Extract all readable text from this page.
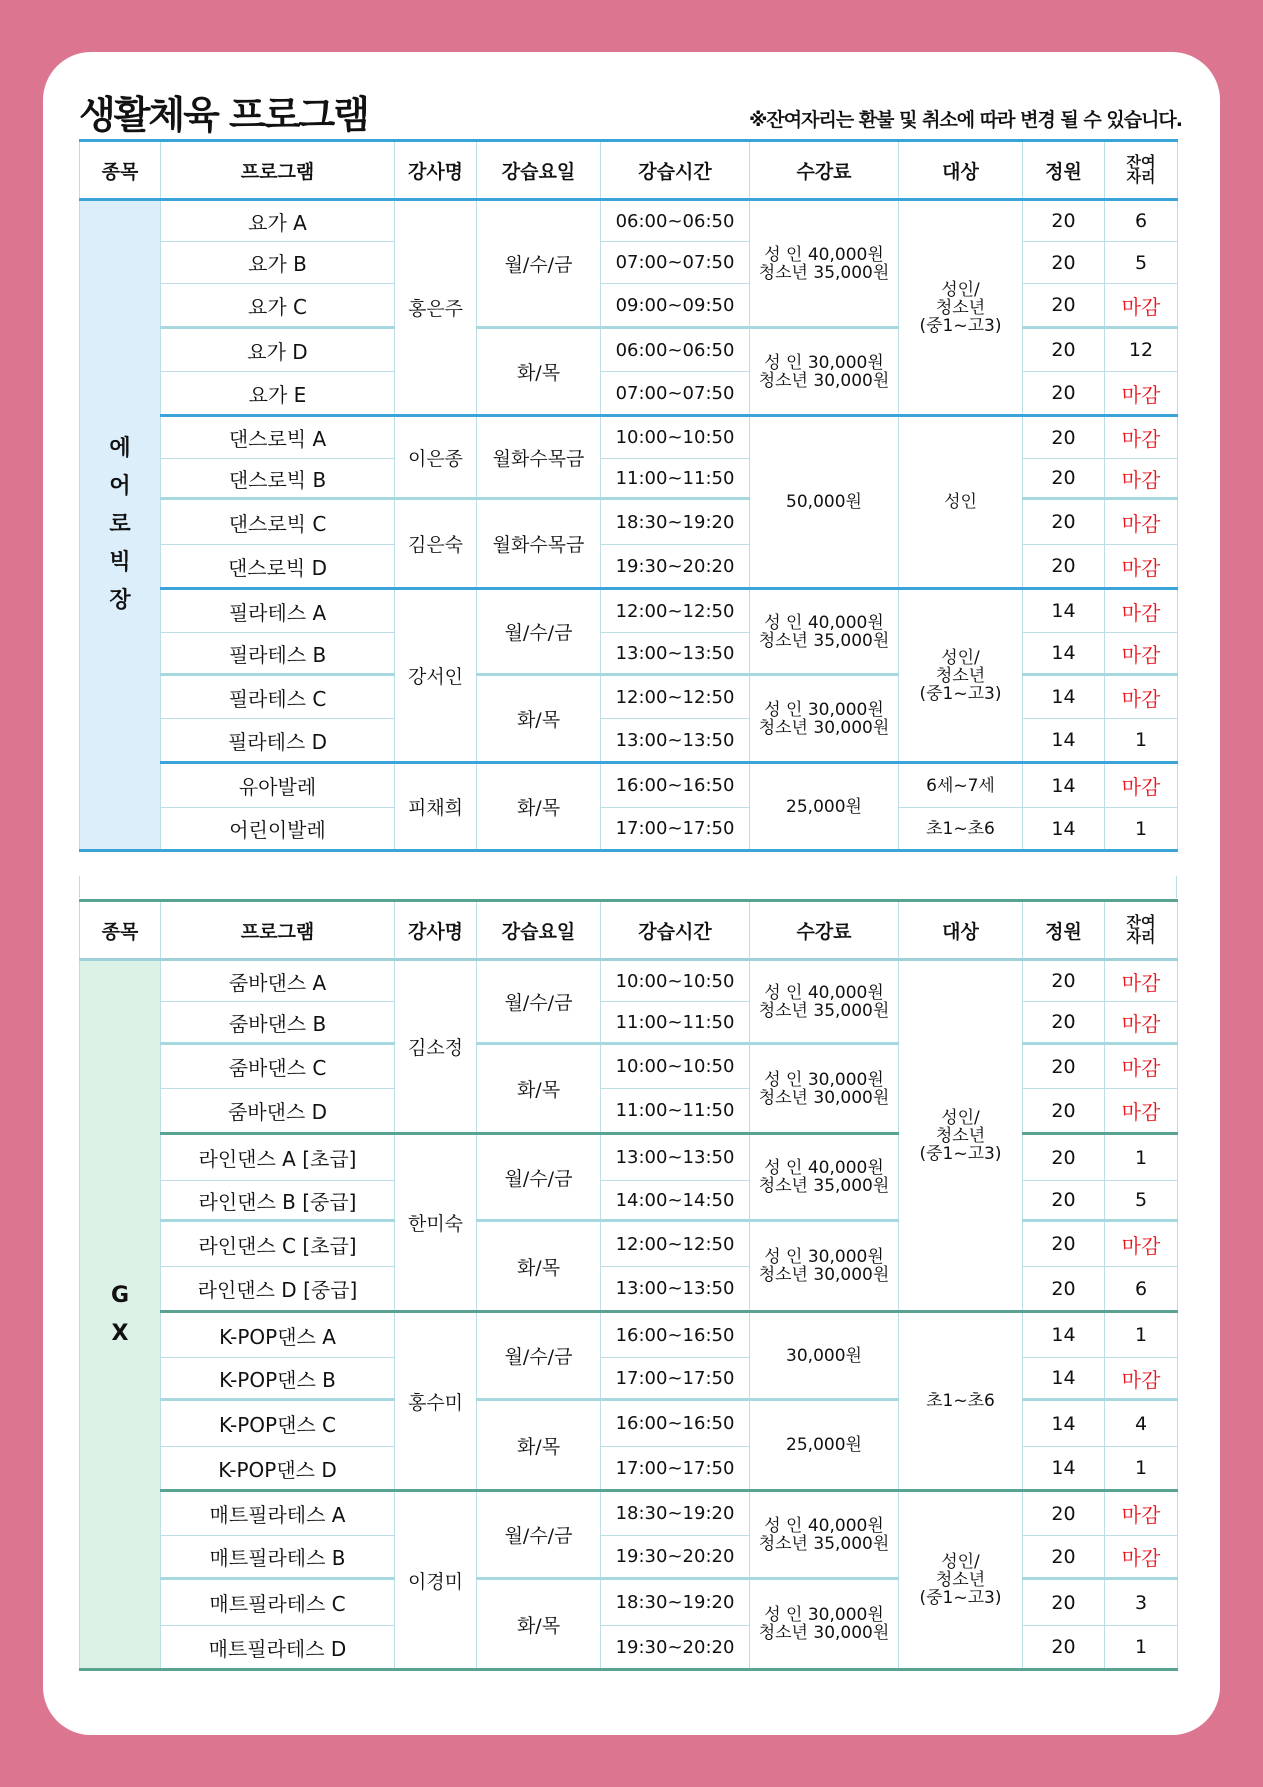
생활체육 프로그램	※잔여자리는 환불 및 취소에 따라 변경 될 수 있습니다.
종목	프로그램	강사명	강습요일	강습시간	수강료	대상	정원	잔여
자리
에
어
로
빅
장	요가 A	홍은주	월/수/금	06:00~06:50	성 인 40,000원
청소년 35,000원	성인/
청소년
(중1~고3)	20	6
	요가 B			07:00~07:50			20	5
	요가 C			09:00~09:50			20	마감
	요가 D		화/목	06:00~06:50	성 인 30,000원
청소년 30,000원		20	12
	요가 E			07:00~07:50			20	마감
	댄스로빅 A	이은종	월화수목금	10:00~10:50	50,000원	성인	20	마감
	댄스로빅 B			11:00~11:50			20	마감
	댄스로빅 C	김은숙	월화수목금	18:30~19:20			20	마감
	댄스로빅 D			19:30~20:20			20	마감
	필라테스 A	강서인	월/수/금	12:00~12:50	성 인 40,000원
청소년 35,000원	성인/
청소년
(중1~고3)	14	마감
	필라테스 B			13:00~13:50			14	마감
	필라테스 C		화/목	12:00~12:50	성 인 30,000원
청소년 30,000원		14	마감
	필라테스 D			13:00~13:50			14	1
	유아발레	피채희	화/목	16:00~16:50	25,000원	6세~7세	14	마감
	어린이발레			17:00~17:50		초1~초6	14	1
종목	프로그램	강사명	강습요일	강습시간	수강료	대상	정원	잔여
자리
G
X	줌바댄스 A	김소정	월/수/금	10:00~10:50	성 인 40,000원
청소년 35,000원	성인/
청소년
(중1~고3)	20	마감
	줌바댄스 B			11:00~11:50			20	마감
	줌바댄스 C		화/목	10:00~10:50	성 인 30,000원
청소년 30,000원		20	마감
	줌바댄스 D			11:00~11:50			20	마감
	라인댄스 A [초급]	한미숙	월/수/금	13:00~13:50	성 인 40,000원
청소년 35,000원		20	1
	라인댄스 B [중급]			14:00~14:50			20	5
	라인댄스 C [초급]		화/목	12:00~12:50	성 인 30,000원
청소년 30,000원		20	마감
	라인댄스 D [중급]			13:00~13:50			20	6
	K-POP댄스 A	홍수미	월/수/금	16:00~16:50	30,000원	초1~초6	14	1
	K-POP댄스 B			17:00~17:50			14	마감
	K-POP댄스 C		화/목	16:00~16:50	25,000원		14	4
	K-POP댄스 D			17:00~17:50			14	1
	매트필라테스 A	이경미	월/수/금	18:30~19:20	성 인 40,000원
청소년 35,000원	성인/
청소년
(중1~고3)	20	마감
	매트필라테스 B			19:30~20:20			20	마감
	매트필라테스 C		화/목	18:30~19:20	성 인 30,000원
청소년 30,000원		20	3
	매트필라테스 D			19:30~20:20			20	1
